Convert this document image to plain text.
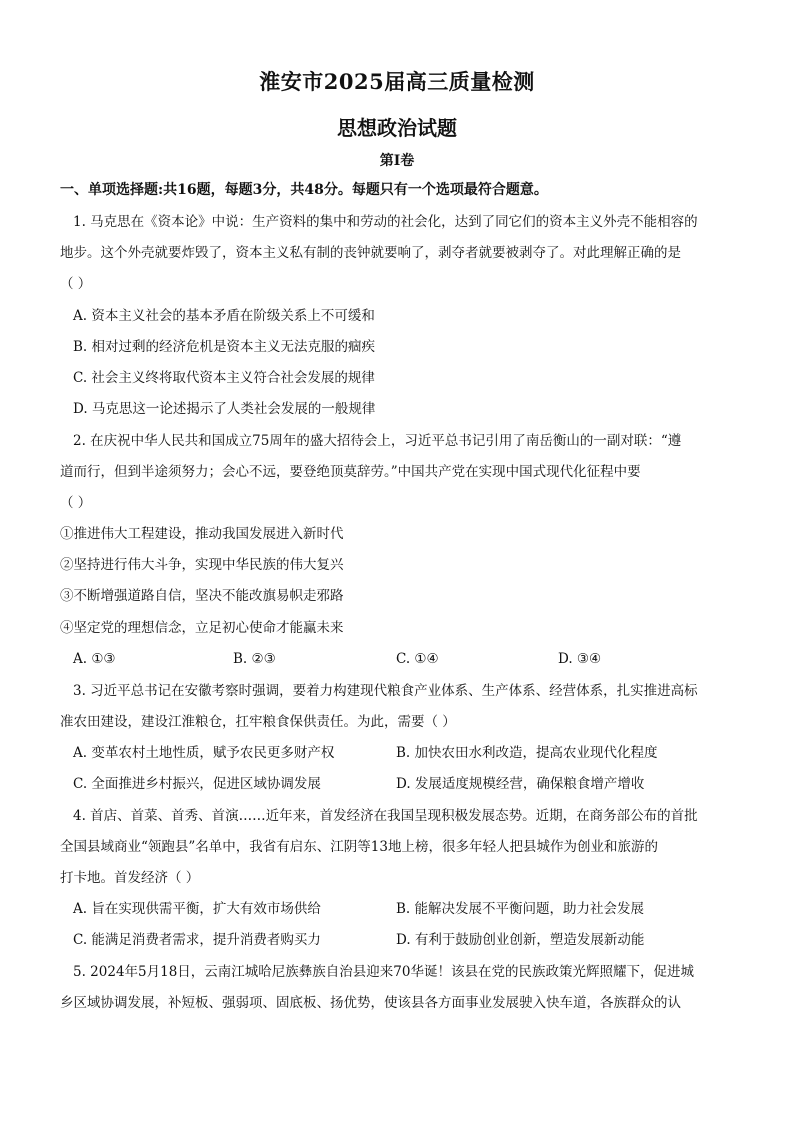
淮安市2025届高三质量检测
思想政治试题
第Ⅰ卷
一、单项选择题:共16题，每题3分，共48分。每题只有一个选项最符合题意。
1. 马克思在《资本论》中说：生产资料的集中和劳动的社会化，达到了同它们的资本主义外壳不能相容的
地步。这个外壳就要炸毁了，资本主义私有制的丧钟就要响了，剥夺者就要被剥夺了。对此理解正确的是
（ ）
A. 资本主义社会的基本矛盾在阶级关系上不可缓和
B. 相对过剩的经济危机是资本主义无法克服的痼疾
C. 社会主义终将取代资本主义符合社会发展的规律
D. 马克思这一论述揭示了人类社会发展的一般规律
2. 在庆祝中华人民共和国成立75周年的盛大招待会上，习近平总书记引用了南岳衡山的一副对联：“遵
道而行，但到半途须努力；会心不远，要登绝顶莫辞劳。”中国共产党在实现中国式现代化征程中要
（ ）
①推进伟大工程建设，推动我国发展进入新时代
②坚持进行伟大斗争，实现中华民族的伟大复兴
③不断增强道路自信，坚决不能改旗易帜走邪路
④坚定党的理想信念，立足初心使命才能赢未来
A. ①③	B. ②③	C. ①④	D. ③④
3. 习近平总书记在安徽考察时强调，要着力构建现代粮食产业体系、生产体系、经营体系，扎实推进高标
准农田建设，建设江淮粮仓，扛牢粮食保供责任。为此，需要（ ）
A. 变革农村土地性质，赋予农民更多财产权	B. 加快农田水利改造，提高农业现代化程度
C. 全面推进乡村振兴，促进区域协调发展	D. 发展适度规模经营，确保粮食增产增收
4. 首店、首菜、首秀、首演……近年来，首发经济在我国呈现积极发展态势。近期，在商务部公布的首批
全国县域商业“领跑县”名单中，我省有启东、江阴等13地上榜，很多年轻人把县城作为创业和旅游的
打卡地。首发经济（ ）
A. 旨在实现供需平衡，扩大有效市场供给	B. 能解决发展不平衡问题，助力社会发展
C. 能满足消费者需求，提升消费者购买力	D. 有利于鼓励创业创新，塑造发展新动能
5. 2024年5月18日，云南江城哈尼族彝族自治县迎来70华诞！该县在党的民族政策光辉照耀下，促进城
乡区域协调发展，补短板、强弱项、固底板、扬优势，使该县各方面事业发展驶入快车道，各族群众的认
